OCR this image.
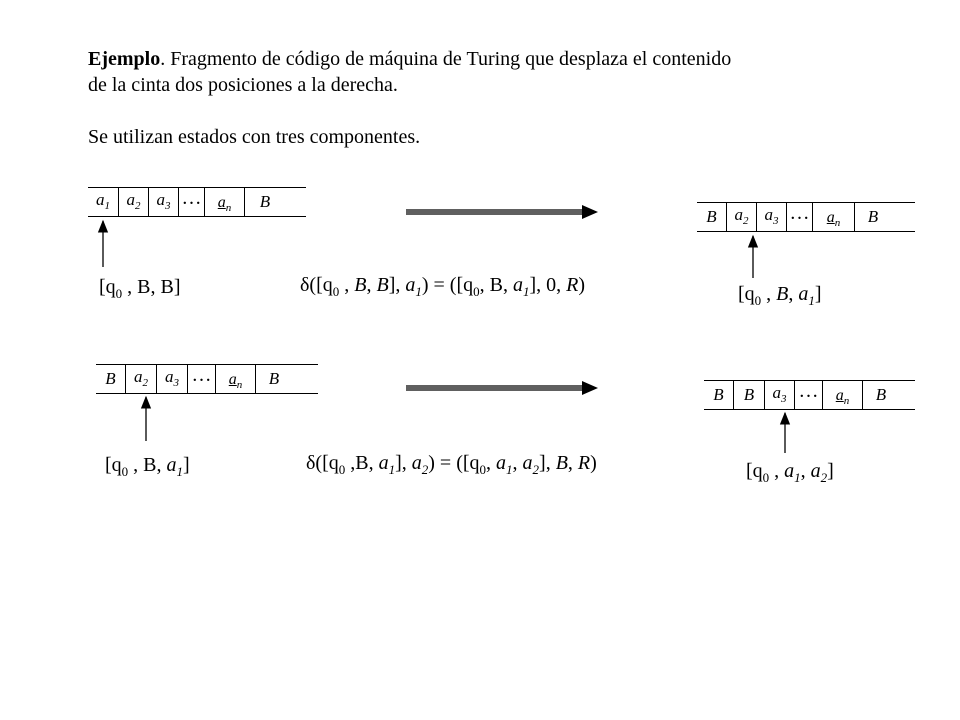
Ejemplo. Fragmento de código de máquina de Turing que desplaza el contenido

de la cinta dos posiciones a la derecha.

Se utilizan estados con tres componentes.

$a_1$ $a_2$ $a_3$ …	$a_n$	B
B	$a_2$ $a_3$ …	$a_n$	B
[$q_0$ , B, B]	$\delta([q_0$ , B, B], $a_1) = ([q_0$, B, $a_1$], 0, R)	[$q_0$ , B, $a_1$]
B	$a_2$	$a_3$ …	$a_n$	B
B	B	$a_3$ …	$a_n$	B
[$q_0$ , B, $a_1$]	$\delta([q_0$ ,B, $a_1$], $a_2) = ([q_0$, $a_1$, $a_2$], B, R)	[$q_0$ , $a_1$, $a_2$]
